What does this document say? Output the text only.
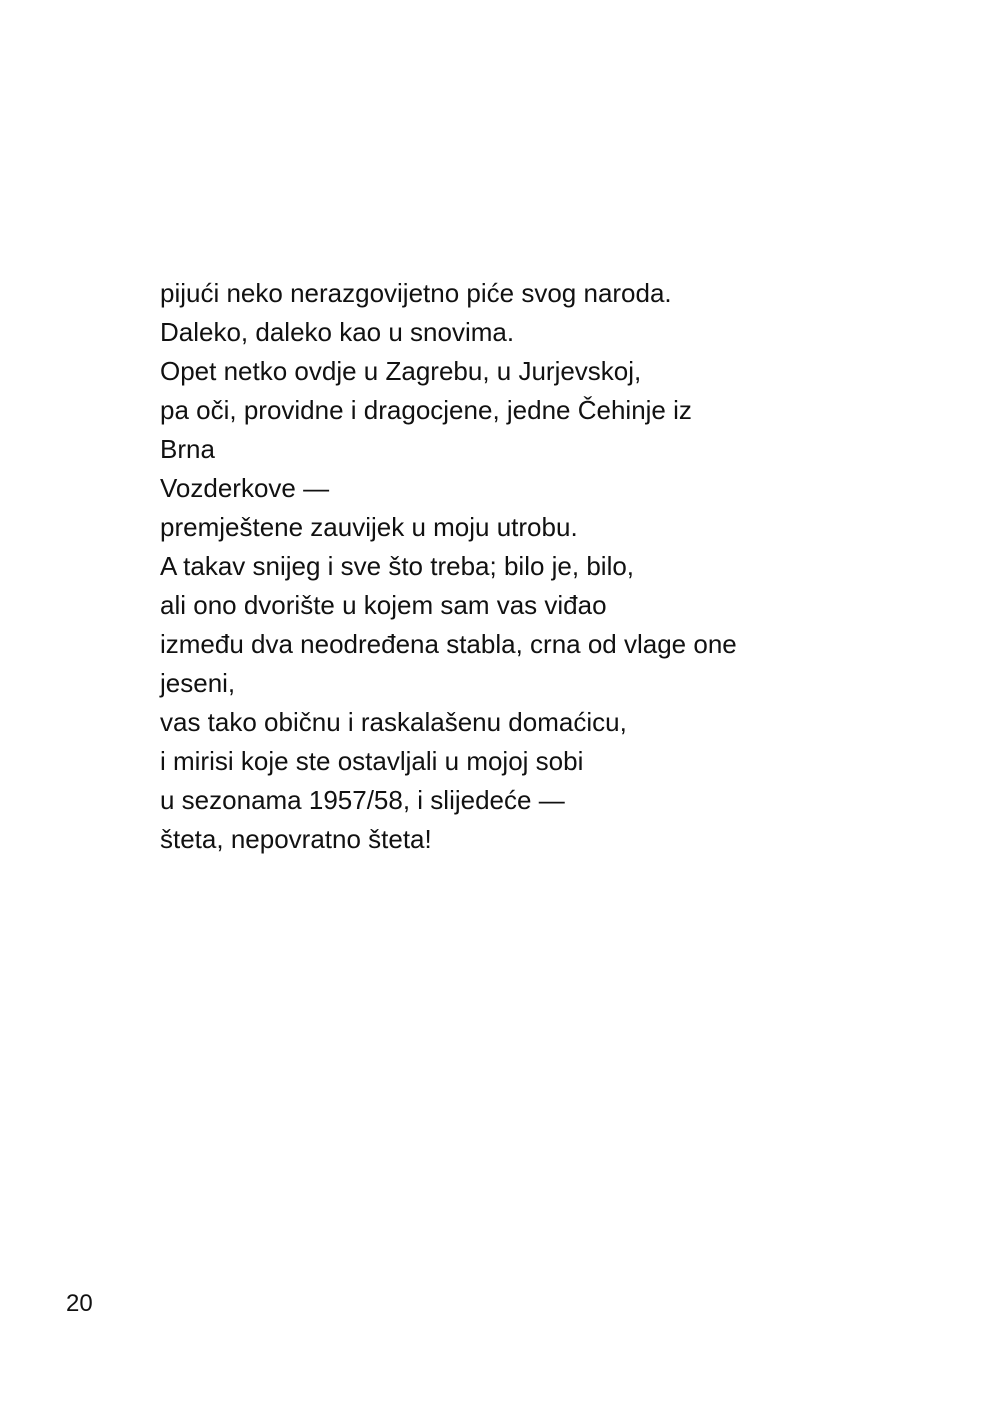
pijući neko nerazgovijetno piće svog naroda.
Daleko, daleko kao u snovima.
Opet netko ovdje u Zagrebu, u Jurjevskoj,
pa oči, providne i dragocjene, jedne Čehinje iz
Brna
Vozderkove —
premještene zauvijek u moju utrobu.
A takav snijeg i sve što treba; bilo je, bilo,
ali ono dvorište u kojem sam vas viđao
između dva neodređena stabla, crna od vlage one
jeseni,
vas tako običnu i raskalašenu domaćicu,
i mirisi koje ste ostavljali u mojoj sobi
u sezonama 1957/58, i slijedeće —
šteta, nepovratno šteta!
20
